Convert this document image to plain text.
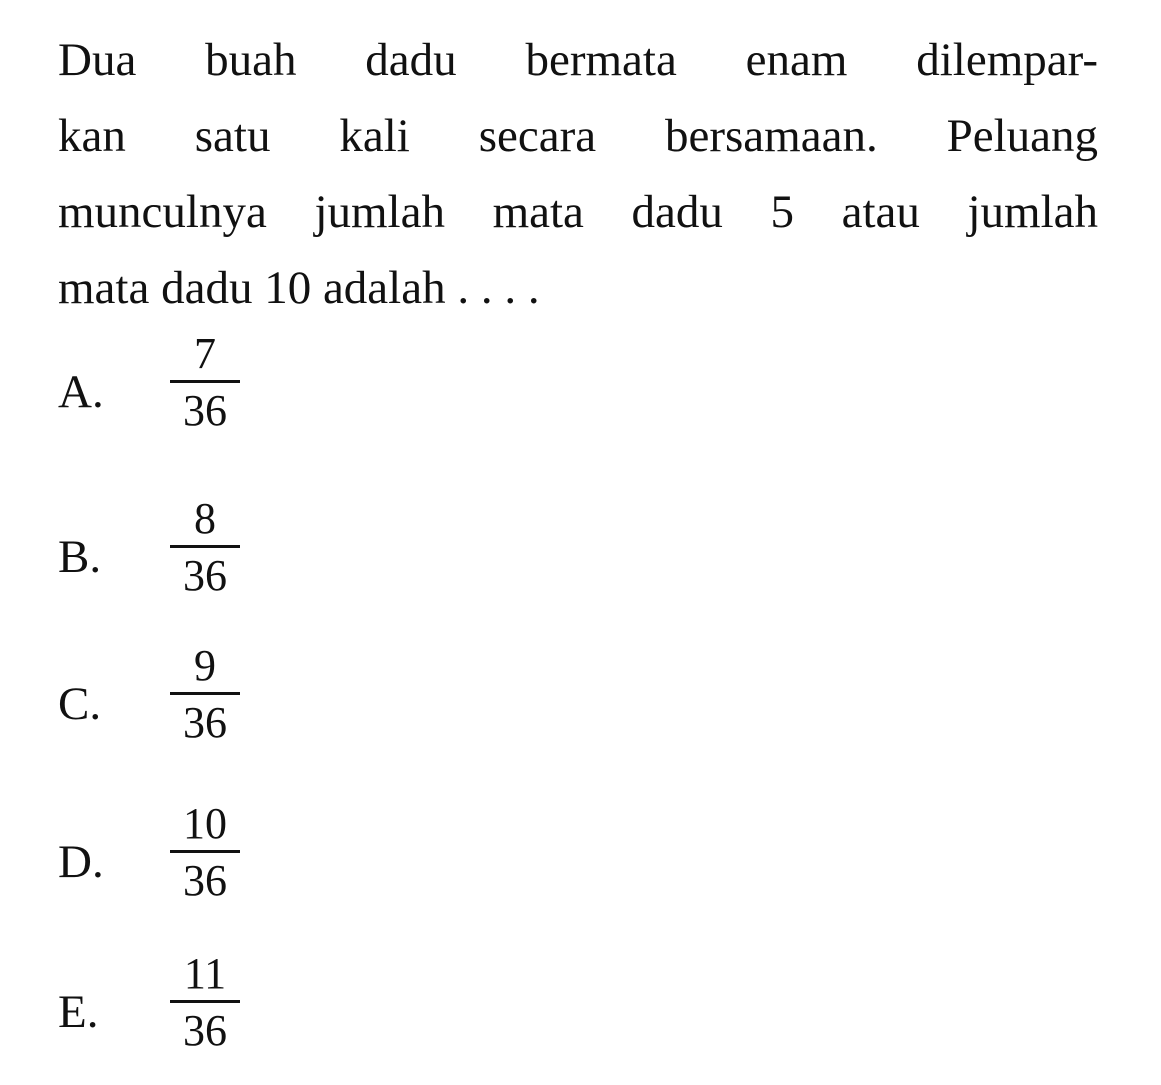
Dua buah dadu bermata enam dilempar-
kan satu kali secara bersamaan. Peluang
munculnya jumlah mata dadu 5 atau jumlah
mata dadu 10 adalah . . . .
A.
7
36
B.
8
36
C.
9
36
D.
10
36
E.
11
36
